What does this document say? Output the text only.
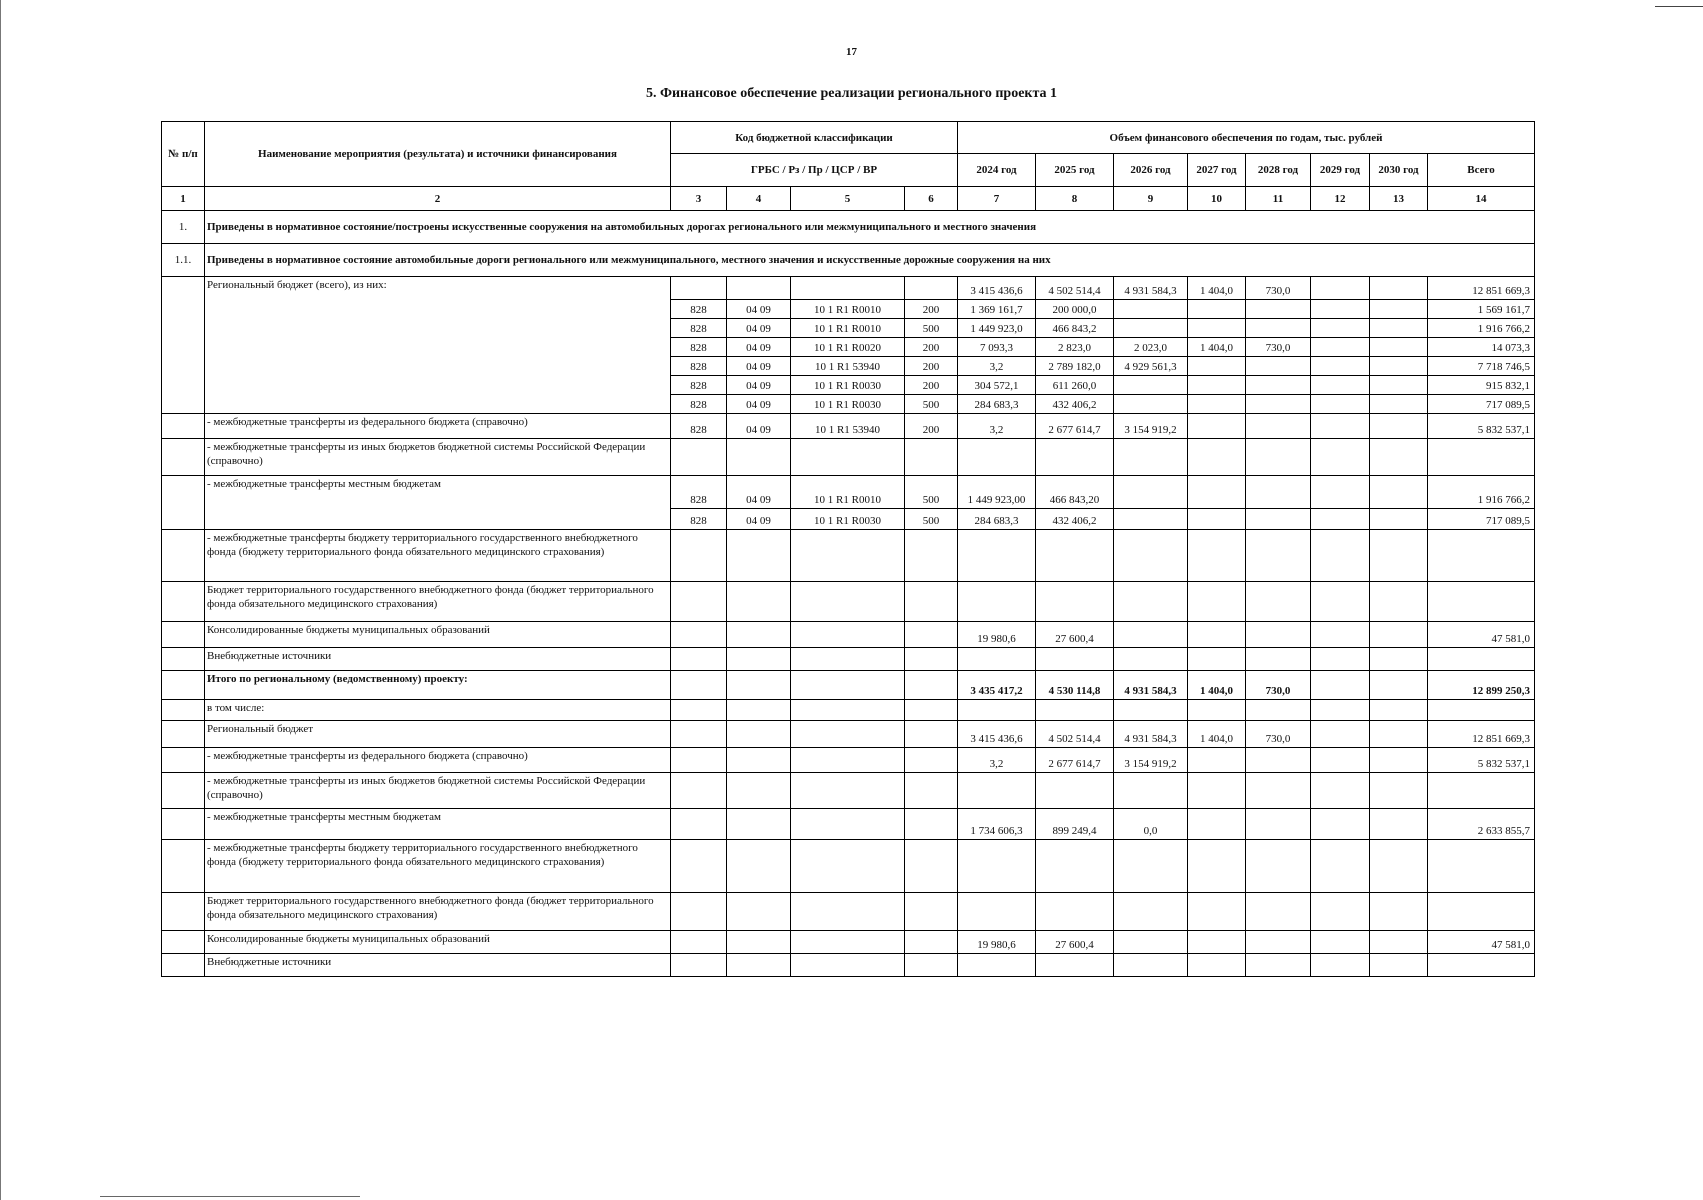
17
5. Финансовое обеспечение реализации регионального проекта 1
№ п/п	Наименование мероприятия (результата) и источники финансирования	Код бюджетной классификации				Объем финансового обеспечения по годам, тыс. рублей							
		ГРБС / Рз / Пр / ЦСР / ВР				2024 год	2025 год	2026 год	2027 год	2028 год	2029 год	2030 год	Всего
1	2	3	4	5	6	7	8	9	10	11	12	13	14
1.	Приведены в нормативное состояние/построены искусственные сооружения на автомобильных дорогах регионального или межмуниципального и местного значения												
1.1.	Приведены в нормативное состояние автомобильные дороги регионального или межмуниципального, местного значения и искусственные дорожные сооружения на них												
	Региональный бюджет (всего), из них:					3 415 436,6	4 502 514,4	4 931 584,3	1 404,0	730,0			12 851 669,3
		828	04 09	10 1 R1 R0010	200	1 369 161,7	200 000,0						1 569 161,7
		828	04 09	10 1 R1 R0010	500	1 449 923,0	466 843,2						1 916 766,2
		828	04 09	10 1 R1 R0020	200	7 093,3	2 823,0	2 023,0	1 404,0	730,0			14 073,3
		828	04 09	10 1 R1 53940	200	3,2	2 789 182,0	4 929 561,3					7 718 746,5
		828	04 09	10 1 R1 R0030	200	304 572,1	611 260,0						915 832,1
		828	04 09	10 1 R1 R0030	500	284 683,3	432 406,2						717 089,5
	- межбюджетные трансферты из федерального бюджета (справочно)	828	04 09	10 1 R1 53940	200	3,2	2 677 614,7	3 154 919,2					5 832 537,1
	- межбюджетные трансферты из иных бюджетов бюджетной системы Российской Федерации (справочно)												
	- межбюджетные трансферты местным бюджетам	828	04 09	10 1 R1 R0010	500	1 449 923,00	466 843,20						1 916 766,2
		828	04 09	10 1 R1 R0030	500	284 683,3	432 406,2						717 089,5
	- межбюджетные трансферты бюджету территориального государственного внебюджетного фонда (бюджету территориального фонда обязательного медицинского страхования)												
	Бюджет территориального государственного внебюджетного фонда (бюджет территориального фонда обязательного медицинского страхования)												
	Консолидированные бюджеты муниципальных образований					19 980,6	27 600,4						47 581,0
	Внебюджетные источники												
	Итого по региональному (ведомственному) проекту:					3 435 417,2	4 530 114,8	4 931 584,3	1 404,0	730,0			12 899 250,3
	в том числе:												
	Региональный бюджет					3 415 436,6	4 502 514,4	4 931 584,3	1 404,0	730,0			12 851 669,3
	- межбюджетные трансферты из федерального бюджета (справочно)					3,2	2 677 614,7	3 154 919,2					5 832 537,1
	- межбюджетные трансферты из иных бюджетов бюджетной системы Российской Федерации (справочно)												
	- межбюджетные трансферты местным бюджетам					1 734 606,3	899 249,4	0,0					2 633 855,7
	- межбюджетные трансферты бюджету территориального государственного внебюджетного фонда (бюджету территориального фонда обязательного медицинского страхования)												
	Бюджет территориального государственного внебюджетного фонда (бюджет территориального фонда обязательного медицинского страхования)												
	Консолидированные бюджеты муниципальных образований					19 980,6	27 600,4						47 581,0
	Внебюджетные источники												
